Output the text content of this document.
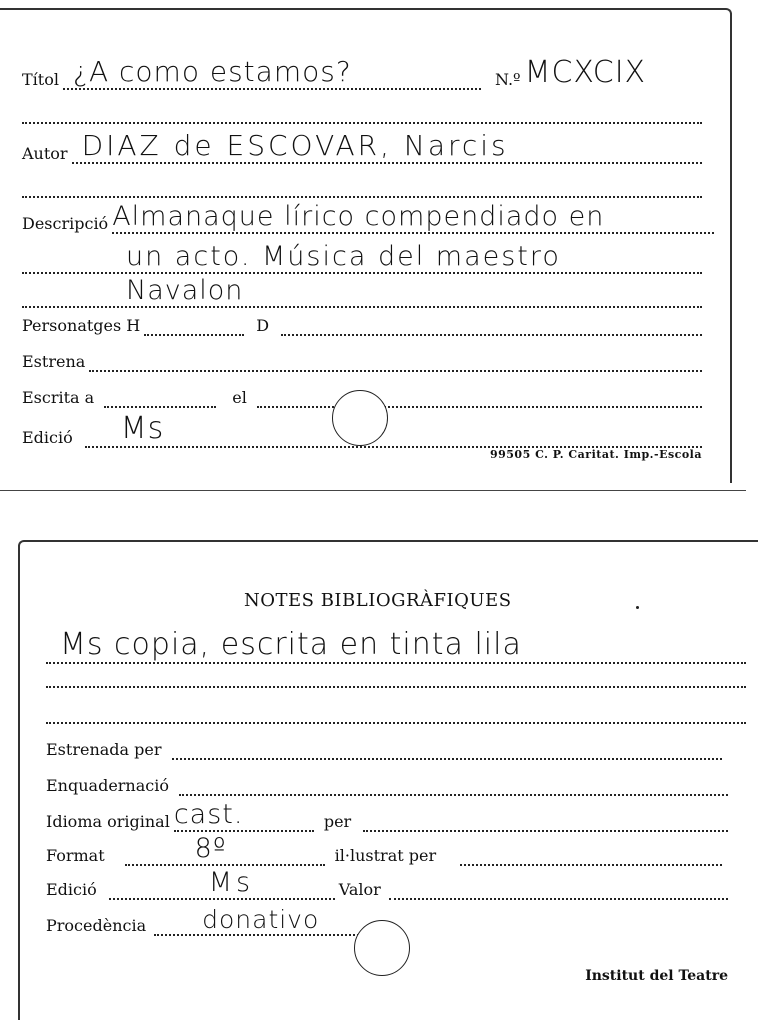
Títol ¿A como estamos?	N.º MCXCIX
Autor DIAZ de ESCOVAR, Narcis
Descripció Almanaque lírico compendiado en
un acto. Música del maestro
Navalon
Personatges H	D
Estrena
Escrita a	el
Edició Ms
99505 C. P. Caritat. Imp.-Escola
NOTES BIBLIOGRÀFIQUES
Ms copia, escrita en tinta lila
Estrenada per
Enquadernació
Idioma original cast.	per
Format	8º	il·lustrat per
Edició	Ms	Valor
Procedència donativo
Institut del Teatre
